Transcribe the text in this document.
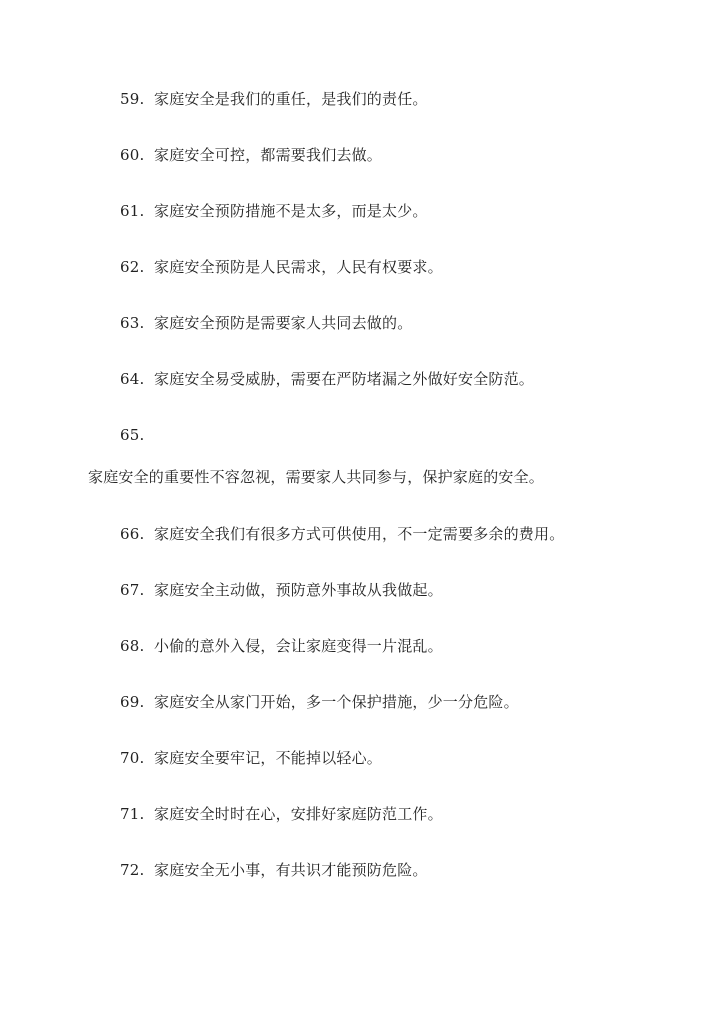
59. 家庭安全是我们的重任，是我们的责任。
60. 家庭安全可控，都需要我们去做。
61. 家庭安全预防措施不是太多，而是太少。
62. 家庭安全预防是人民需求，人民有权要求。
63. 家庭安全预防是需要家人共同去做的。
64. 家庭安全易受威胁，需要在严防堵漏之外做好安全防范。
65.
家庭安全的重要性不容忽视，需要家人共同参与，保护家庭的安全。
66. 家庭安全我们有很多方式可供使用，不一定需要多余的费用。
67. 家庭安全主动做，预防意外事故从我做起。
68. 小偷的意外入侵，会让家庭变得一片混乱。
69. 家庭安全从家门开始，多一个保护措施，少一分危险。
70. 家庭安全要牢记，不能掉以轻心。
71. 家庭安全时时在心，安排好家庭防范工作。
72. 家庭安全无小事，有共识才能预防危险。
